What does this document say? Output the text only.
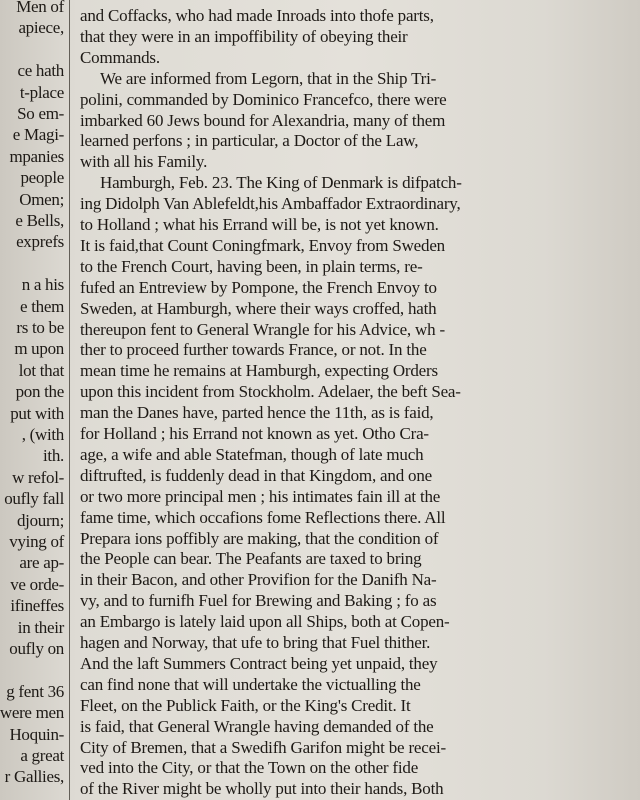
Men of
apiece,
ce hath
t-place
So em-
e Magi-
mpanies
people
Omen;
e Bells,
exprefs
n a his
e them
rs to be
m upon
lot that
pon the
put with
, (with
ith.
w refol-
oufly fall
djourn;
vying of
are ap-
ve orde-
ifineffes
in their
oufly on
g fent 36
were men
Hoquin-
a great
r Gallies,
and Coffacks, who had made Inroads into thofe parts,
that they were in an impoffibility of obeying their
Commands.
We are informed from Legorn, that in the Ship Tri-
polini, commanded by Dominico Francefco, there were
imbarked 60 Jews bound for Alexandria, many of them
learned perfons ; in particular, a Doctor of the Law,
with all his Family.
Hamburgh, Feb. 23. The King of Denmark is difpatch-
ing Didolph Van Ablefeldt,his Ambaffador Extraordinary,
to Holland ; what his Errand will be, is not yet known.
It is faid,that Count Coningfmark, Envoy from Sweden
to the French Court, having been, in plain terms, re-
fufed an Entreview by Pompone, the French Envoy to
Sweden, at Hamburgh, where their ways croffed, hath
thereupon fent to General Wrangle for his Advice, wh -
ther to proceed further towards France, or not. In the
mean time he remains at Hamburgh, expecting Orders
upon this incident from Stockholm. Adelaer, the beft Sea-
man the Danes have, parted hence the 11th, as is faid,
for Holland ; his Errand not known as yet. Otho Cra-
age, a wife and able Statefman, though of late much
diftrufted, is fuddenly dead in that Kingdom, and one
or two more principal men ; his intimates fain ill at the
fame time, which occafions fome Reflections there. All
Prepara ions poffibly are making, that the condition of
the People can bear. The Peafants are taxed to bring
in their Bacon, and other Provifion for the Danifh Na-
vy, and to furnifh Fuel for Brewing and Baking ; fo as
an Embargo is lately laid upon all Ships, both at Copen-
hagen and Norway, that ufe to bring that Fuel thither.
And the laft Summers Contract being yet unpaid, they
can find none that will undertake the victualling the
Fleet, on the Publick Faith, or the King's Credit. It
is faid, that General Wrangle having demanded of the
City of Bremen, that a Swedifh Garifon might be recei-
ved into the City, or that the Town on the other fide
of the River might be wholly put into their hands, Both
